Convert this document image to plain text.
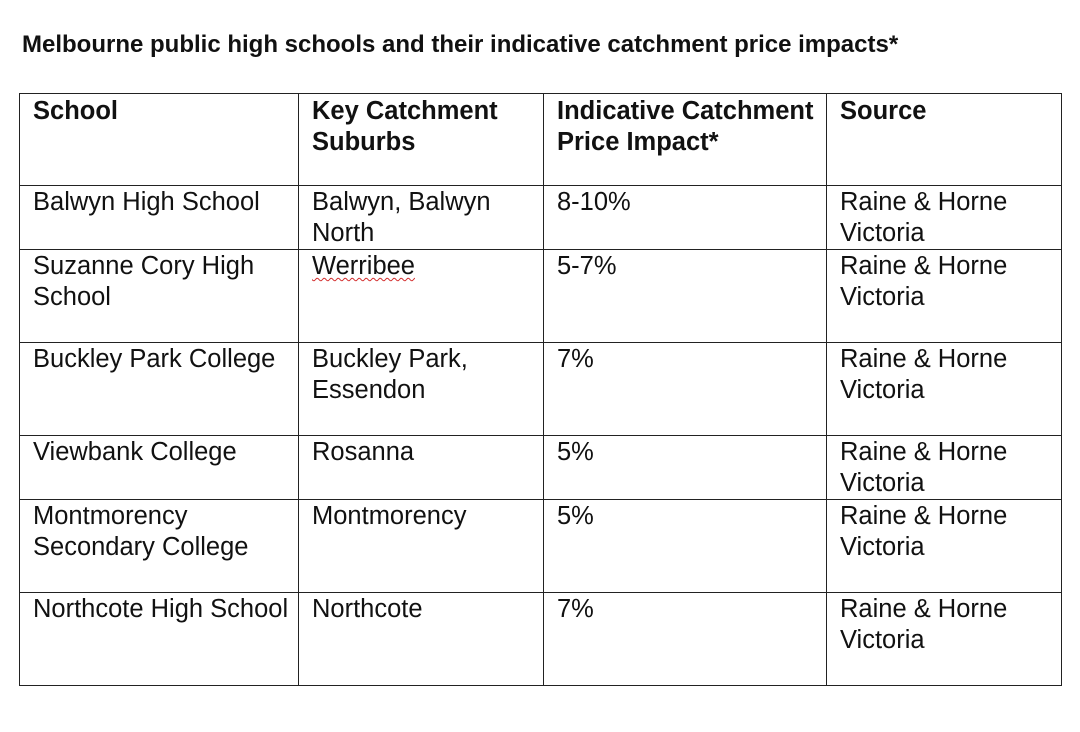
Melbourne public high schools and their indicative catchment price impacts*
School	Key Catchment Suburbs	Indicative Catchment Price Impact*	Source
Balwyn High School	Balwyn, Balwyn North	8-10%	Raine & Horne Victoria
Suzanne Cory High School	Werribee	5-7%	Raine & Horne Victoria
Buckley Park College	Buckley Park, Essendon	7%	Raine & Horne Victoria
Viewbank College	Rosanna	5%	Raine & Horne Victoria
Montmorency Secondary College	Montmorency	5%	Raine & Horne Victoria
Northcote High School	Northcote	7%	Raine & Horne Victoria
